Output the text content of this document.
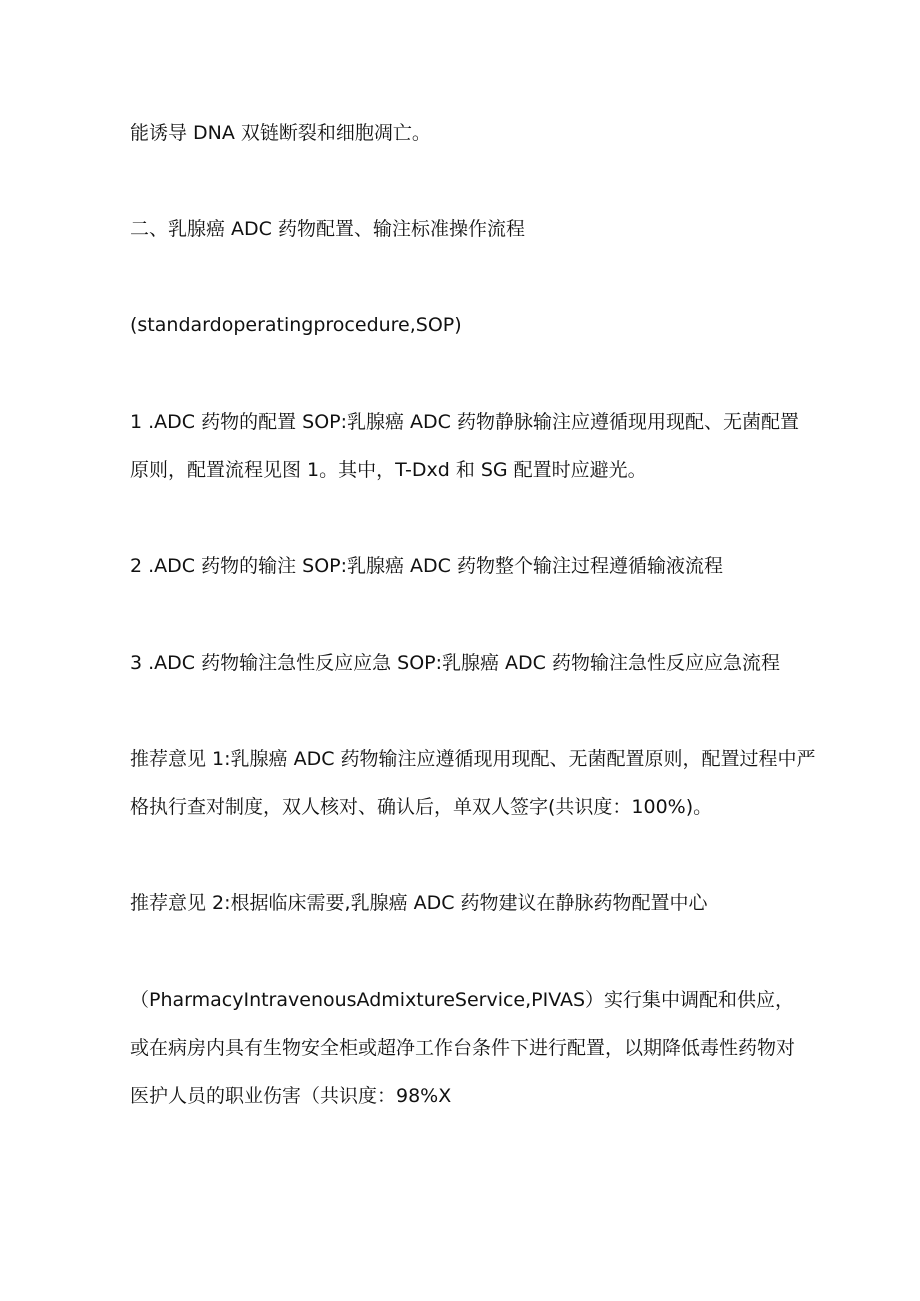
能诱导 DNA 双链断裂和细胞凋亡。
二、乳腺癌 ADC 药物配置、输注标准操作流程
(standardoperatingprocedure,SOP)
1 .ADC 药物的配置 SOP:乳腺癌 ADC 药物静脉输注应遵循现用现配、无菌配置
原则，配置流程见图 1。其中，T-Dxd 和 SG 配置时应避光。
2 .ADC 药物的输注 SOP:乳腺癌 ADC 药物整个输注过程遵循输液流程
3 .ADC 药物输注急性反应应急 SOP:乳腺癌 ADC 药物输注急性反应应急流程
推荐意见 1:乳腺癌 ADC 药物输注应遵循现用现配、无菌配置原则，配置过程中严
格执行查对制度，双人核对、确认后，单双人签字(共识度：100%)。
推荐意见 2:根据临床需要,乳腺癌 ADC 药物建议在静脉药物配置中心
（PharmacyIntravenousAdmixtureService,PIVAS）实行集中调配和供应，
或在病房内具有生物安全柜或超净工作台条件下进行配置，以期降低毒性药物对
医护人员的职业伤害（共识度：98%X
